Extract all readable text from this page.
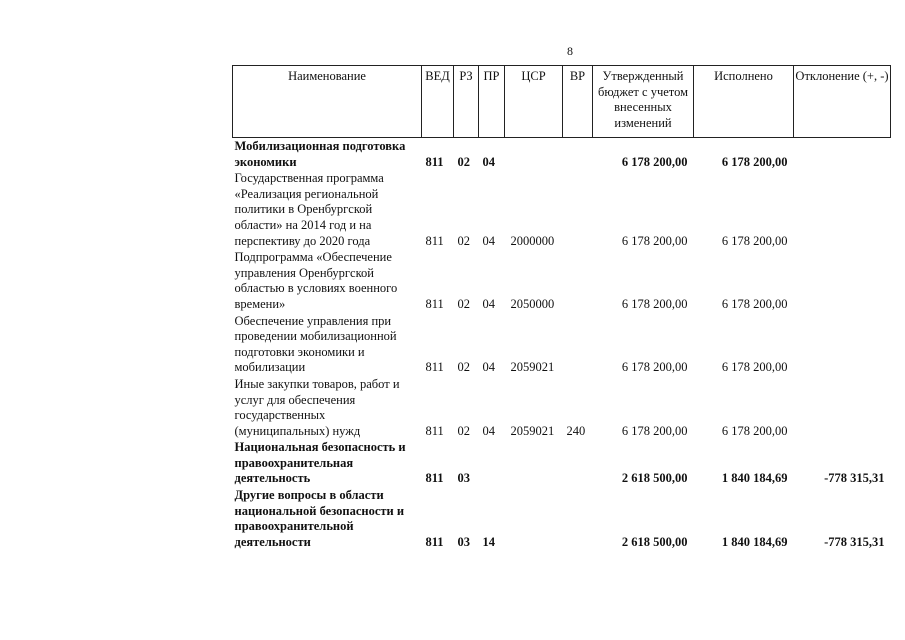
8
Наименование	ВЕД	РЗ	ПР	ЦСР	ВР	Утвержденный бюджет с учетом внесенных изменений	Исполнено	Отклонение (+, -)
Мобилизационная подготовка экономики	811	02	04			6 178 200,00	6 178 200,00	
Государственная программа «Реализация региональной политики в Оренбургской области» на 2014 год и на перспективу до 2020 года	811	02	04	2000000		6 178 200,00	6 178 200,00	
Подпрограмма «Обеспечение управления Оренбургской областью в условиях военного времени»	811	02	04	2050000		6 178 200,00	6 178 200,00	
Обеспечение управления при проведении мобилизационной подготовки экономики и мобилизации	811	02	04	2059021		6 178 200,00	6 178 200,00	
Иные закупки товаров, работ и услуг для обеспечения государственных (муниципальных) нужд	811	02	04	2059021	240	6 178 200,00	6 178 200,00	
Национальная безопасность и правоохранительная деятельность	811	03				2 618 500,00	1 840 184,69	-778 315,31
Другие вопросы в области национальной безопасности и правоохранительной деятельности	811	03	14			2 618 500,00	1 840 184,69	-778 315,31
